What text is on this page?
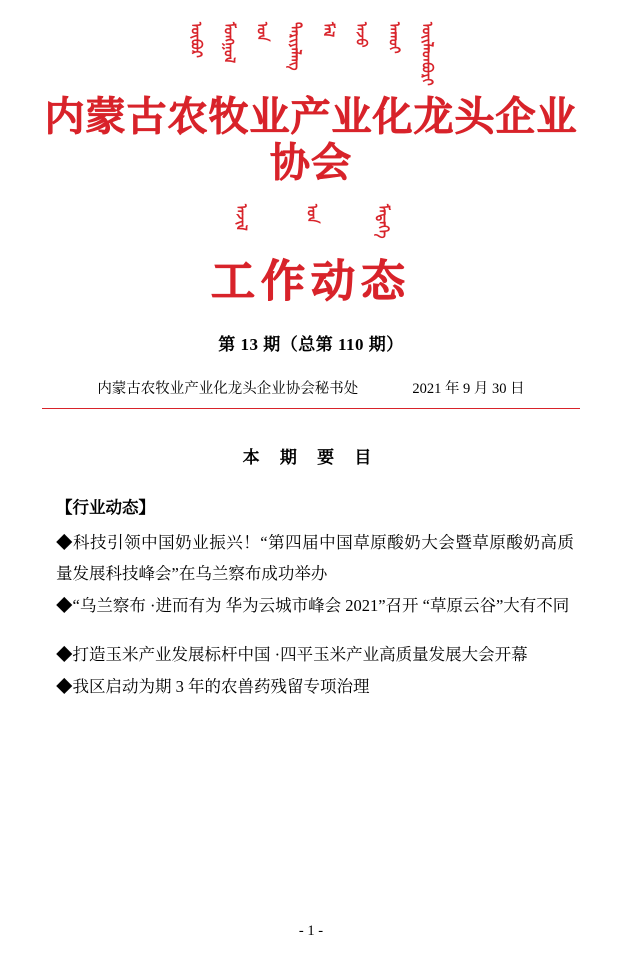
ᠦᠪᠦᠷ ᠮᠣᠩᠭᠣᠯ ᠤᠨ ᠲᠠᠷᠢᠶᠠᠯᠠᠩ ᠮᠠᠯ ᠠᠵᠤ ᠠᠬᠤᠢ ᠦᠢᠯᠡᠳᠪᠦᠷᠢ
内蒙古农牧业产业化龙头企业协会
ᠠᠵᠢᠯ	ᠤᠨ	ᠮᠡᠳᠡᠭᠡ
工作动态
第 13 期（总第 110 期）
内蒙古农牧业产业化龙头企业协会秘书处	2021 年 9 月 30 日
本 期 要 目
【行业动态】
◆科技引领中国奶业振兴！“第四届中国草原酸奶大会暨草原酸奶高质量发展科技峰会”在乌兰察布成功举办
◆“乌兰察布 ·进而有为 华为云城市峰会 2021”召开 “草原云谷”大有不同
◆打造玉米产业发展标杆中国 ·四平玉米产业高质量发展大会开幕
◆我区启动为期 3 年的农兽药残留专项治理
- 1 -
